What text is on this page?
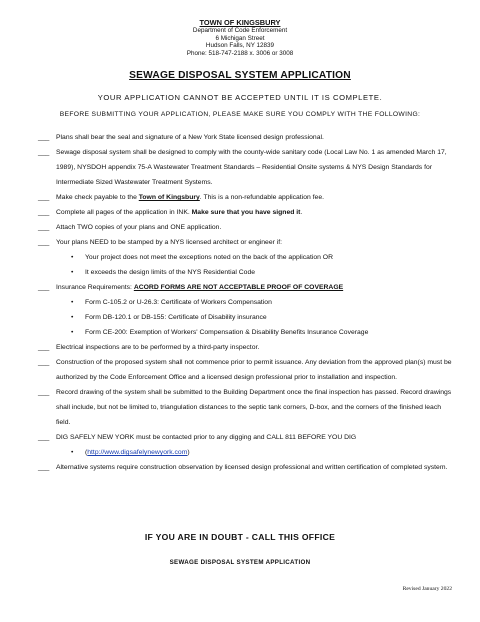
TOWN OF KINGSBURY
Department of Code Enforcement
6 Michigan Street
Hudson Falls, NY 12839
Phone: 518-747-2188 x. 3006 or 3008
SEWAGE DISPOSAL SYSTEM APPLICATION
YOUR APPLICATION CANNOT BE ACCEPTED UNTIL IT IS COMPLETE.
BEFORE SUBMITTING YOUR APPLICATION, PLEASE MAKE SURE YOU COMPLY WITH THE FOLLOWING:
___ Plans shall bear the seal and signature of a New York State licensed design professional.
___ Sewage disposal system shall be designed to comply with the county-wide sanitary code (Local Law No. 1 as amended March 17, 1989), NYSDOH appendix 75-A Wastewater Treatment Standards – Residential Onsite systems & NYS Design Standards for Intermediate Sized Wastewater Treatment Systems.
___ Make check payable to the Town of Kingsbury. This is a non-refundable application fee.
___ Complete all pages of the application in INK. Make sure that you have signed it.
___ Attach TWO copies of your plans and ONE application.
___ Your plans NEED to be stamped by a NYS licensed architect or engineer if:
•	Your project does not meet the exceptions noted on the back of the application OR
•	It exceeds the design limits of the NYS Residential Code
___ Insurance Requirements: ACORD FORMS ARE NOT ACCEPTABLE PROOF OF COVERAGE
•	Form C-105.2 or U-26.3: Certificate of Workers Compensation
•	Form DB-120.1 or DB-155: Certificate of Disability insurance
•	Form CE-200: Exemption of Workers' Compensation & Disability Benefits Insurance Coverage
___ Electrical inspections are to be performed by a third-party inspector.
___ Construction of the proposed system shall not commence prior to permit issuance. Any deviation from the approved plan(s) must be authorized by the Code Enforcement Office and a licensed design professional prior to installation and inspection.
___ Record drawing of the system shall be submitted to the Building Department once the final inspection has passed. Record drawings shall include, but not be limited to, triangulation distances to the septic tank corners, D-box, and the corners of the finished leach field.
___ DIG SAFELY NEW YORK must be contacted prior to any digging and CALL 811 BEFORE YOU DIG
•	(http://www.digsafelynewyork.com)
___ Alternative systems require construction observation by licensed design professional and written certification of completed system.
IF YOU ARE IN DOUBT - CALL THIS OFFICE
SEWAGE DISPOSAL SYSTEM APPLICATION
Revised January 2022
